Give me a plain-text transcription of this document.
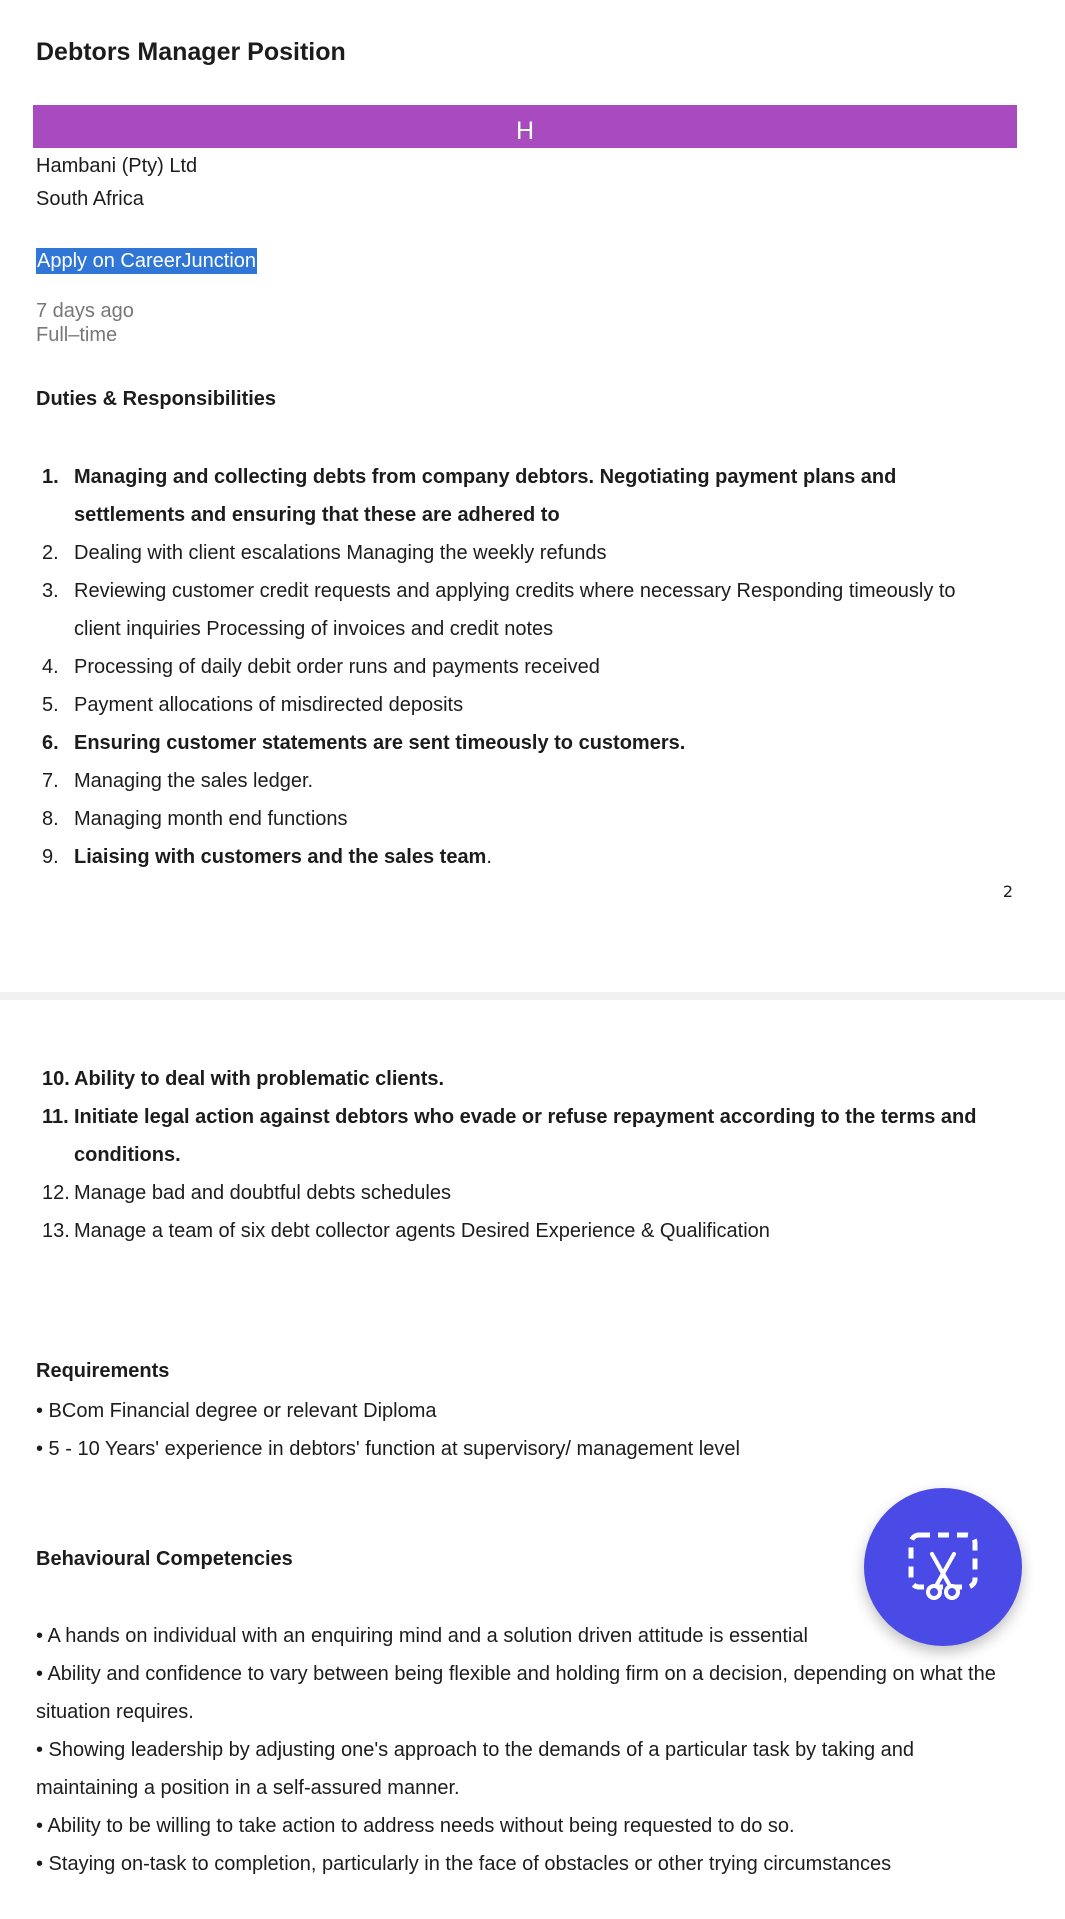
Debtors Manager Position
H
Hambani (Pty) Ltd
South Africa
Apply on CareerJunction
7 days ago
Full–time
Duties & Responsibilities
1. Managing and collecting debts from company debtors. Negotiating payment plans and settlements and ensuring that these are adhered to
2. Dealing with client escalations Managing the weekly refunds
3. Reviewing customer credit requests and applying credits where necessary Responding timeously to client inquiries Processing of invoices and credit notes
4. Processing of daily debit order runs and payments received
5. Payment allocations of misdirected deposits
6. Ensuring customer statements are sent timeously to customers.
7. Managing the sales ledger.
8. Managing month end functions
9. Liaising with customers and the sales team.
2
10. Ability to deal with problematic clients.
11. Initiate legal action against debtors who evade or refuse repayment according to the terms and conditions.
12. Manage bad and doubtful debts schedules
13. Manage a team of six debt collector agents Desired Experience & Qualification
Requirements
• BCom Financial degree or relevant Diploma
• 5 - 10 Years' experience in debtors' function at supervisory/ management level
Behavioural Competencies
• A hands on individual with an enquiring mind and a solution driven attitude is essential
• Ability and confidence to vary between being flexible and holding firm on a decision, depending on what the situation requires.
• Showing leadership by adjusting one's approach to the demands of a particular task by taking and maintaining a position in a self-assured manner.
• Ability to be willing to take action to address needs without being requested to do so.
• Staying on-task to completion, particularly in the face of obstacles or other trying circumstances
